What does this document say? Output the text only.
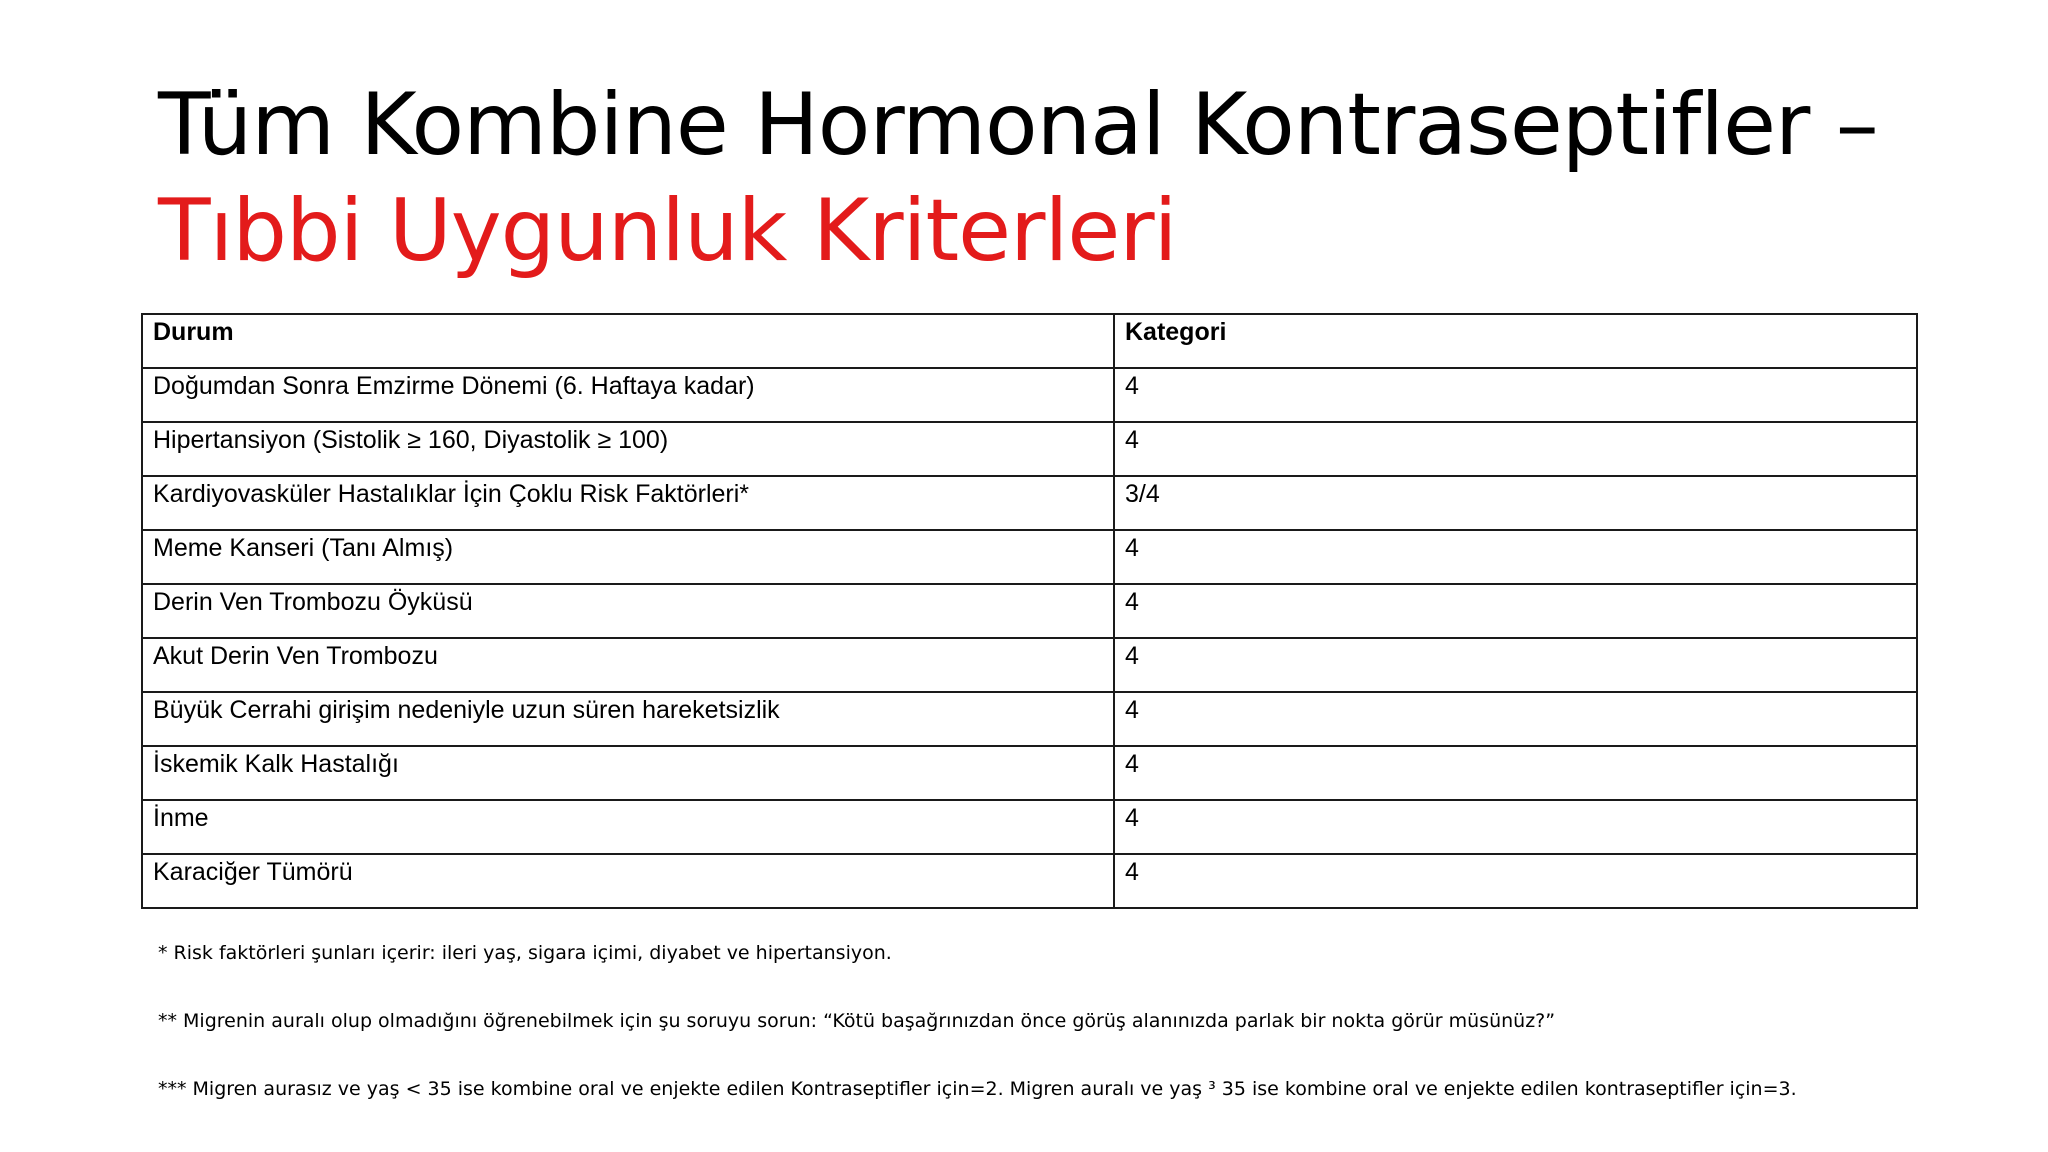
Tüm Kombine Hormonal Kontraseptifler –
Tıbbi Uygunluk Kriterleri
Durum	Kategori
Doğumdan Sonra Emzirme Dönemi (6. Haftaya kadar)	4
Hipertansiyon (Sistolik ≥ 160, Diyastolik ≥ 100)	4
Kardiyovasküler Hastalıklar İçin Çoklu Risk Faktörleri*	3/4
Meme Kanseri (Tanı Almış)	4
Derin Ven Trombozu Öyküsü	4
Akut Derin Ven Trombozu	4
Büyük Cerrahi girişim nedeniyle uzun süren hareketsizlik	4
İskemik Kalk Hastalığı	4
İnme	4
Karaciğer Tümörü	4

* Risk faktörleri şunları içerir: ileri yaş, sigara içimi, diyabet ve hipertansiyon.

** Migrenin auralı olup olmadığını öğrenebilmek için şu soruyu sorun: “Kötü başağrınızdan önce görüş alanınızda parlak bir nokta görür müsünüz?”

*** Migren aurasız ve yaş < 35 ise kombine oral ve enjekte edilen Kontraseptifler için=2. Migren auralı ve yaş ³ 35 ise kombine oral ve enjekte edilen kontraseptifler için=3.
